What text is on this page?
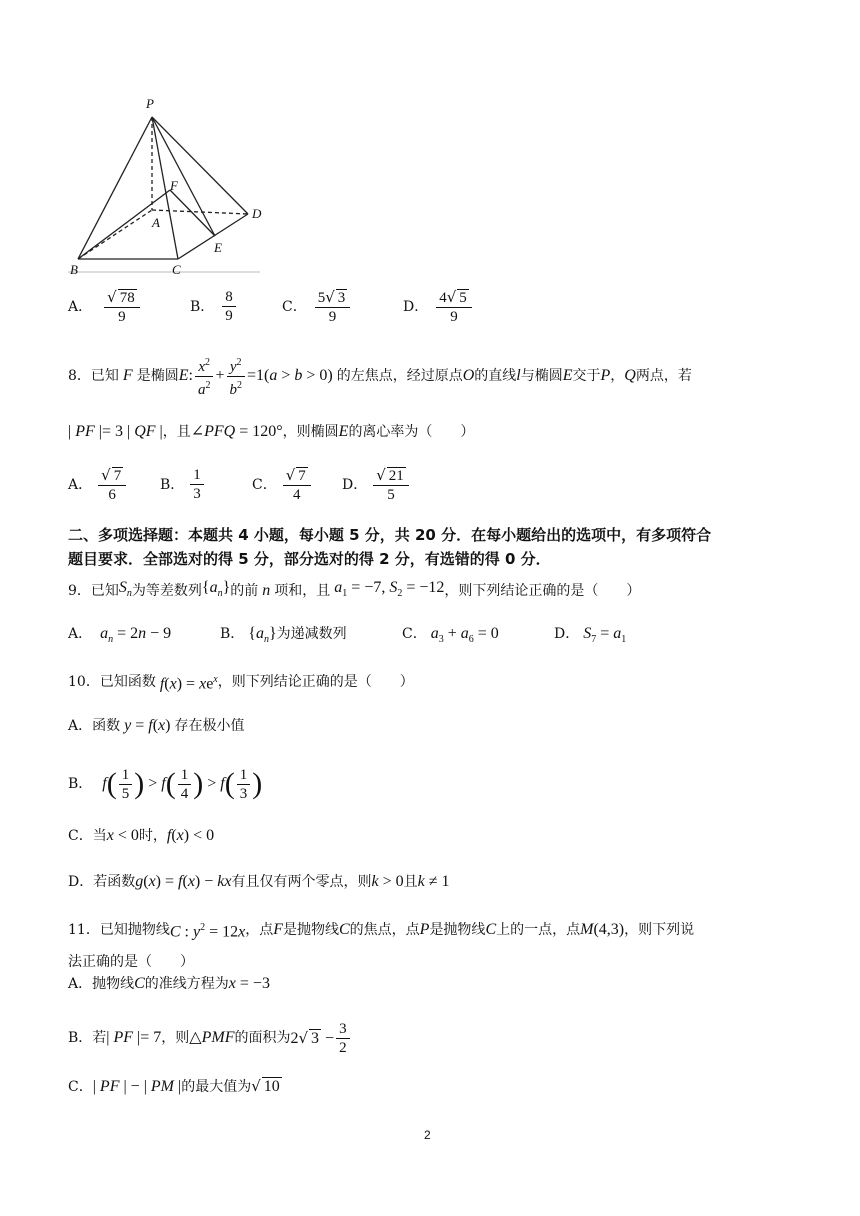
P
F
A
D
E
B	C
A． $\frac{√ 78}{9}$	B． $\frac{8}{9}$	C． $\frac{5√ 3}{9}$	D． $\frac{4√ 5}{9}$
8．已知 F 是椭圆 E : $\frac{x^2}{a^2} + \frac{y^2}{b^2} =1(a > b > 0)$ 的左焦点，经过原点 O 的直线 l 与椭圆 E 交于 P ， Q 两点，若
| PF |= 3 | QF | ，且 ∠PFQ = 120° ，则椭圆 E 的离心率为（　　）
A． $\frac{√ 7}{6}$ B． $\frac{1}{3}$	C． $\frac{√ 7}{4}$ D． $\frac{√ 21}{5}$
二、多项选择题：本题共 4 小题，每小题 5 分，共 20 分．在每小题给出的选项中，有多项符合
题目要求．全部选对的得 5 分，部分选对的得 2 分，有选错的得 0 分．
9．已知 $S_n$ 为等差数列 $\{a_n\}$ 的前 n 项和，且 $a_1 = -7$, $S_2 = -12$ ，则下列结论正确的是（　　）
A． $a_n = 2n - 9$	B． $\{a_n\}$为递减数列	C． $a_3 + a_6 = 0$	D． $S_7 = a_1$
10．已知函数 $f(x) = xe^x$ ，则下列结论正确的是（　　）
A．函数 y = f(x) 存在极小值
B． f ( $\frac{1}{5}$ ) > f ( $\frac{1}{4}$ ) > f ( $\frac{1}{3}$ )
C．当 x < 0 时， f(x) < 0
D．若函数 g(x) = f(x) − kx 有且仅有两个零点，则 k > 0 且 k ≠ 1
11．已知抛物线 C : $y^2 = 12x$ ，点 F 是抛物线 C 的焦点，点 P 是抛物线 C 上的一点，点 M(4,3) ，则下列说
法正确的是（　　）
A．抛物线 C 的准线方程为 x = −3
B．若 | PF |= 7 ，则 △PMF 的面积为 2√ $3 - \frac{3}{2}$
C． | PF | − | PM | 的最大值为 √ 10
2
